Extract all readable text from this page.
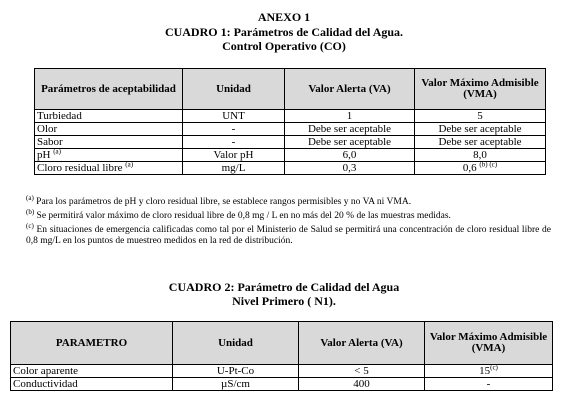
ANEXO 1
CUADRO 1: Parámetros de Calidad del Agua.
Control Operativo (CO)
Parámetros de aceptabilidad	Unidad	Valor Alerta (VA)	Valor Máximo Admisible (VMA)
Turbiedad	UNT	1	5
Olor	-	Debe ser aceptable	Debe ser aceptable
Sabor	-	Debe ser aceptable	Debe ser aceptable
pH $^{(a)}$	Valor pH	6,0	8,0
Cloro residual libre $^{(a)}$	mg/L	0,3	0,6 $^{(b) (c)}$
$^{(a)}$ Para los parámetros de pH y cloro residual libre, se establece rangos permisibles y no VA ni VMA.
$^{(b)}$ Se permitirá valor máximo de cloro residual libre de 0,8 mg / L en no más del 20 % de las muestras medidas.
$^{(c)}$ En situaciones de emergencia calificadas como tal por el Ministerio de Salud se permitirá una concentración de cloro residual libre de 0,8 mg/L en los puntos de muestreo medidos en la red de distribución.
CUADRO 2: Parámetro de Calidad del Agua
Nivel Primero ( N1).
PARAMETRO	Unidad	Valor Alerta (VA)	Valor Máximo Admisible (VMA)
Color aparente	U-Pt-Co	< 5	15$^{(c)}$
Conductividad	µS/cm	400	-
